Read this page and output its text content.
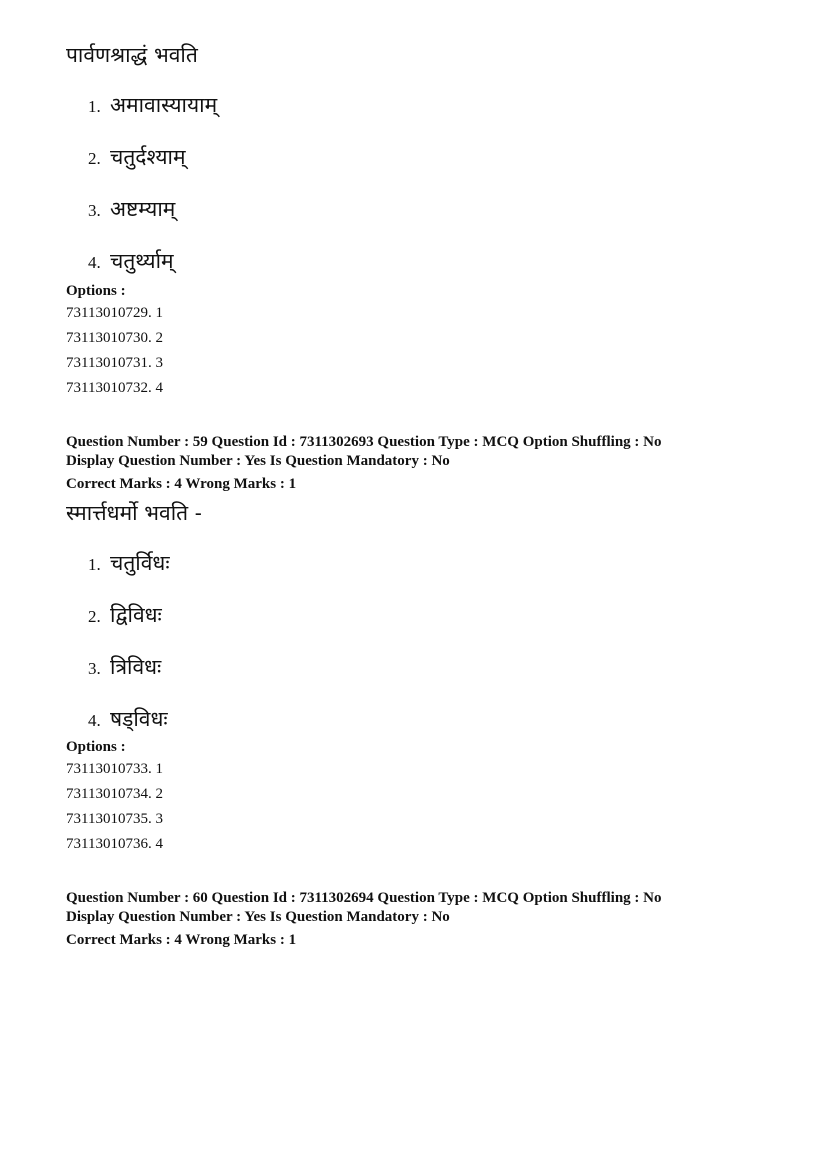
पार्वणश्राद्धं भवति

1. अमावास्यायाम्
2. चतुर्दश्याम्
3. अष्टम्याम्
4. चतुर्थ्याम्
Options :
73113010729. 1
73113010730. 2
73113010731. 3
73113010732. 4
Question Number : 59 Question Id : 7311302693 Question Type : MCQ Option Shuffling : No
Display Question Number : Yes Is Question Mandatory : No
Correct Marks : 4 Wrong Marks : 1

स्मार्त्तधर्मो भवति -

1. चतुर्विधः
2. द्विविधः
3. त्रिविधः
4. षड्विधः
Options :
73113010733. 1
73113010734. 2
73113010735. 3
73113010736. 4
Question Number : 60 Question Id : 7311302694 Question Type : MCQ Option Shuffling : No
Display Question Number : Yes Is Question Mandatory : No
Correct Marks : 4 Wrong Marks : 1
